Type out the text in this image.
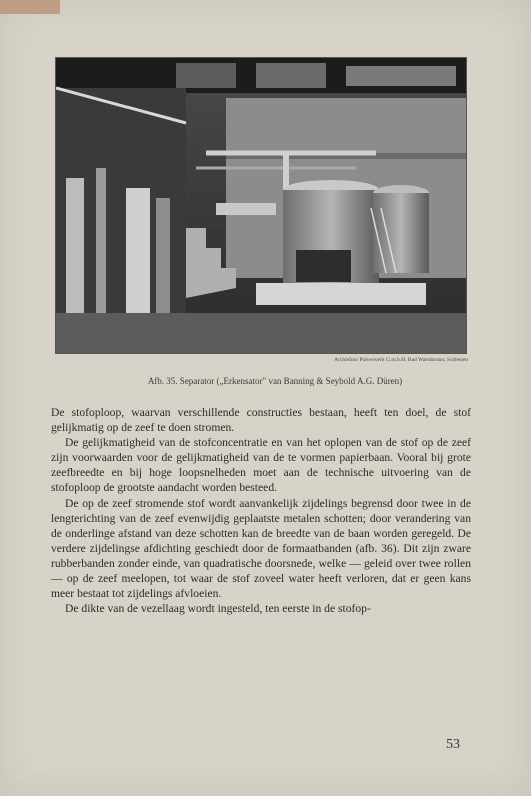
Archiefoto Pulverwerk G.m.b.H. Bad Warmbrunn, Schlesien
Afb. 35. Separator („Erkensator" van Banning & Seybold A.G. Düren)

De stofoploop, waarvan verschillende constructies bestaan, heeft ten doel, de stof gelijkmatig op de zeef te doen stromen.

De gelijkmatigheid van de stofconcentratie en van het oplopen van de stof op de zeef zijn voorwaarden voor de gelijkmatigheid van de te vormen papierbaan. Vooral bij grote zeefbreedte en bij hoge loopsnelheden moet aan de technische uitvoering van de stofoploop de grootste aandacht worden besteed.

De op de zeef stromende stof wordt aanvankelijk zijdelings begrensd door twee in de lengterichting van de zeef evenwijdig geplaatste metalen schotten; door verandering van de onderlinge afstand van deze schotten kan de breedte van de baan worden geregeld. De verdere zijdelingse afdichting geschiedt door de formaatbanden (afb. 36). Dit zijn zware rubberbanden zonder einde, van quadratische doorsnede, welke — geleid over twee rollen — op de zeef meelopen, tot waar de stof zoveel water heeft verloren, dat er geen kans meer bestaat tot zijdelings afvloeien.

De dikte van de vezellaag wordt ingesteld, ten eerste in de stofop-

53
